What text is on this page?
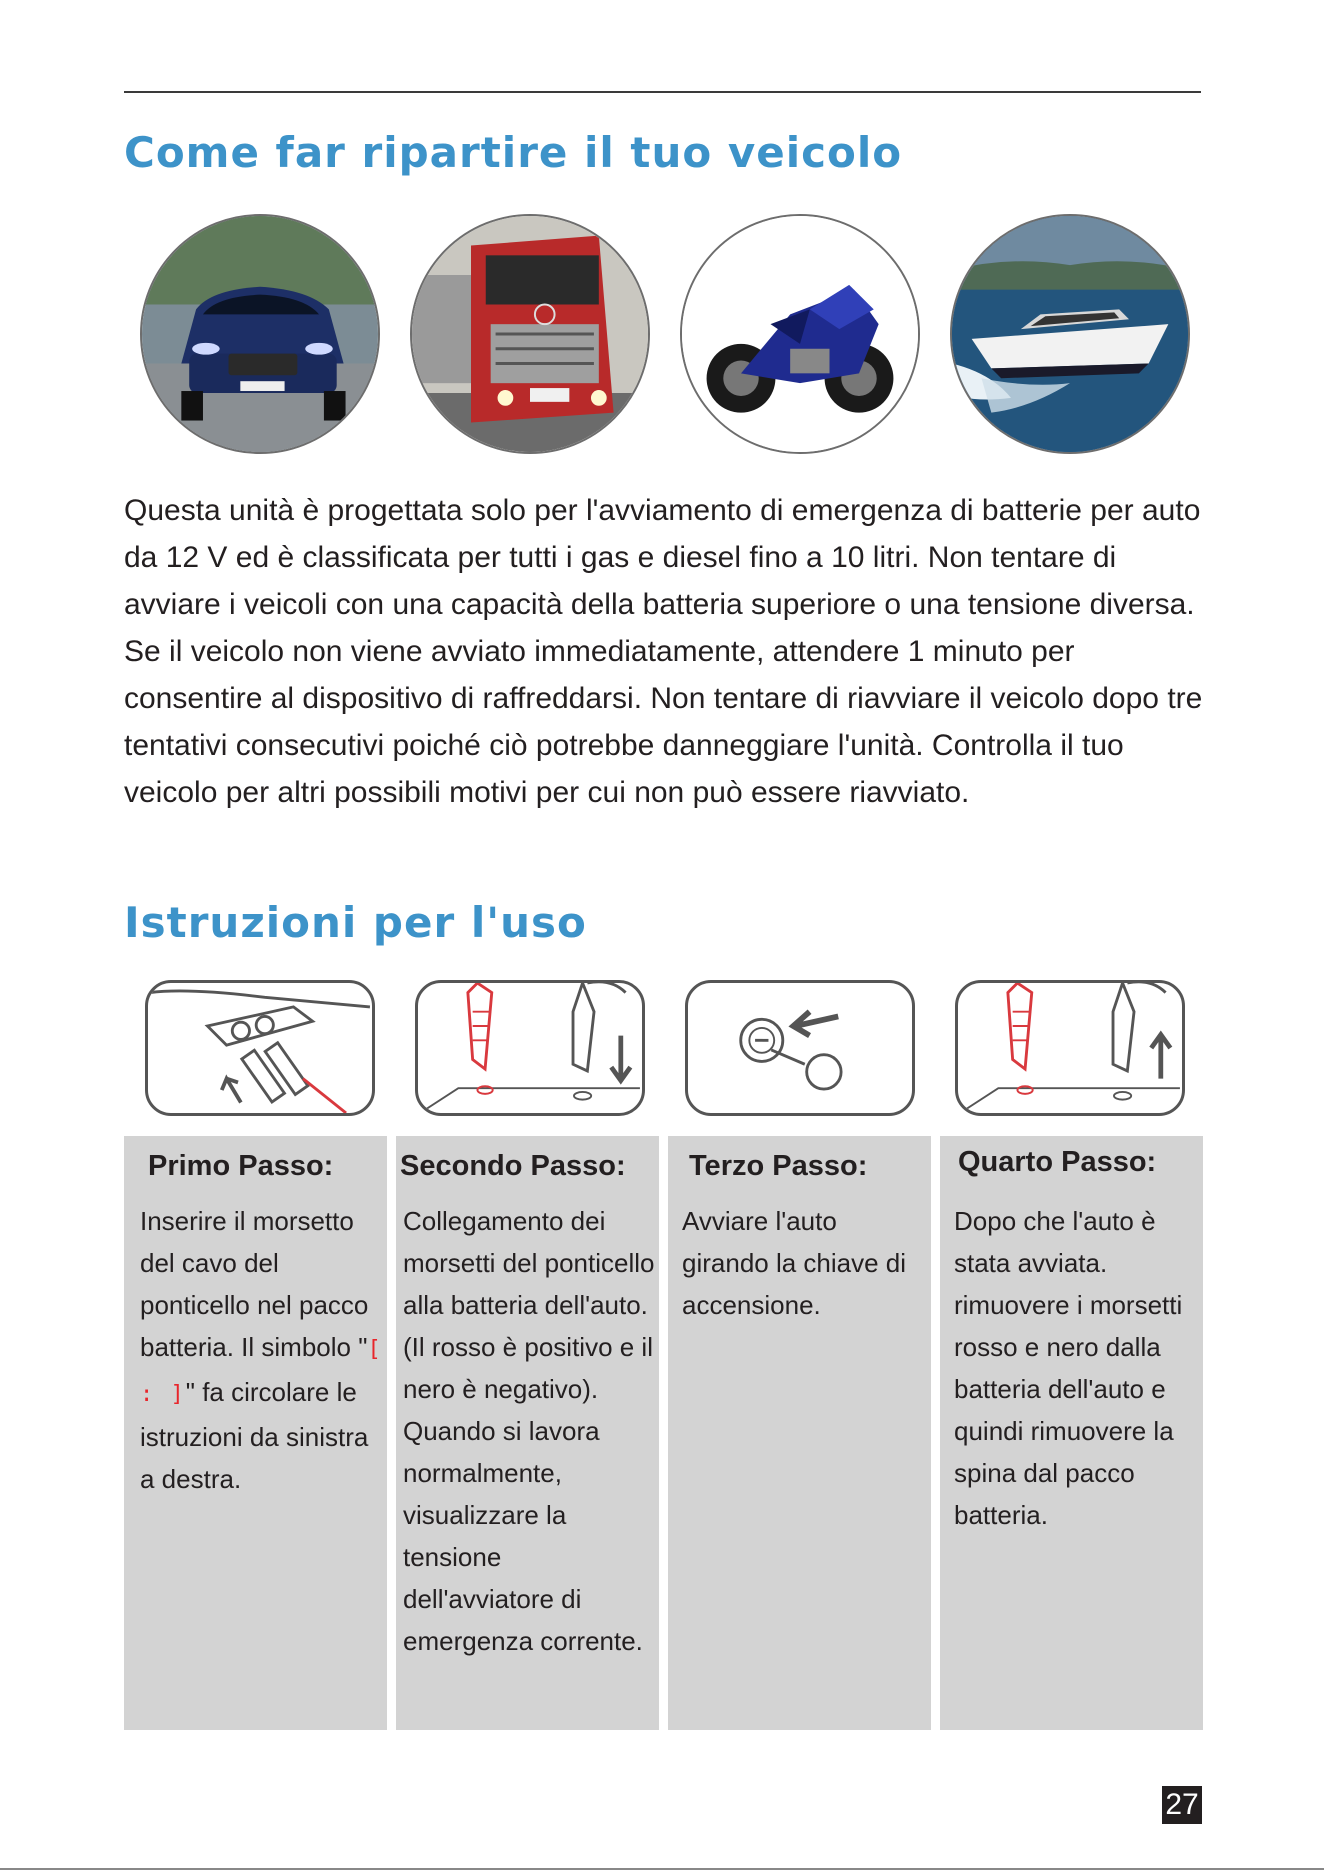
Come far ripartire il tuo veicolo

Questa unità è progettata solo per l'avviamento di emergenza di batterie per auto da 12 V ed è classificata per tutti i gas e diesel fino a 10 litri. Non tentare di avviare i veicoli con una capacità della batteria superiore o una tensione diversa. Se il veicolo non viene avviato immediatamente, attendere 1 minuto per consentire al dispositivo di raffreddarsi. Non tentare di riavviare il veicolo dopo tre tentativi consecutivi poiché ciò potrebbe danneggiare l'unità. Controlla il tuo veicolo per altri possibili motivi per cui non può essere riavviato.

Istruzioni per l'uso
Primo Passo:
Inserire il morsetto del cavo del ponticello nel pacco batteria. Il simbolo "[ : ]" fa circolare le istruzioni da sinistra a destra.
Secondo Passo:
Collegamento dei morsetti del ponticello alla batteria dell'auto. (Il rosso è positivo e il nero è negativo). Quando si lavora normalmente, visualizzare la tensione dell'avviatore di emergenza corrente.
Terzo Passo:
Avviare l'auto girando la chiave di accensione.
Quarto Passo:
Dopo che l'auto è stata avviata. rimuovere i morsetti rosso e nero dalla batteria dell'auto e quindi rimuovere la spina dal pacco batteria.
27
